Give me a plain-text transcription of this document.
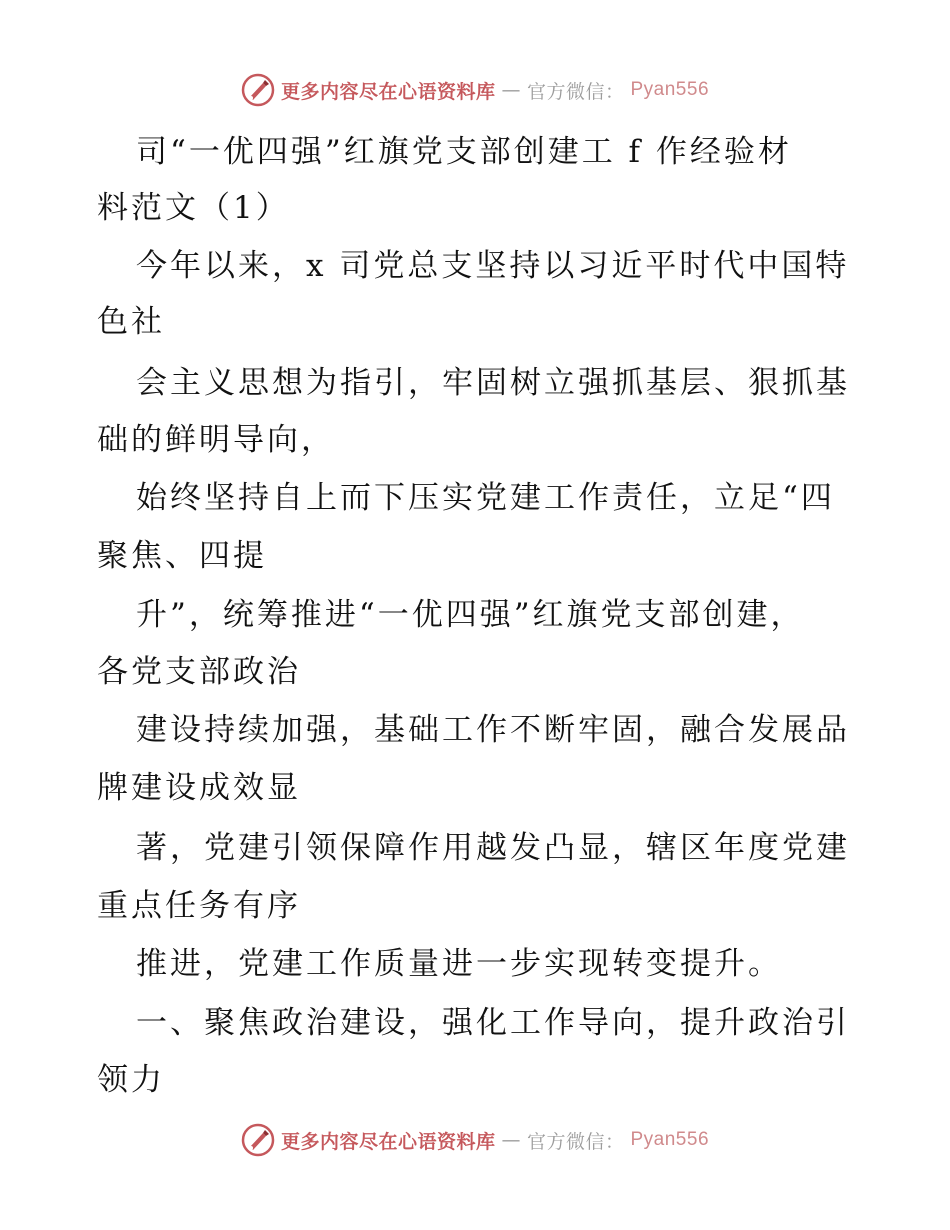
更多内容尽在心语资料库 — 官方微信： Pyan556
司“一优四强”红旗党支部创建工 f 作经验材
料范文（1）
今年以来，x 司党总支坚持以习近平时代中国特
色社
会主义思想为指引，牢固树立强抓基层、狠抓基
础的鲜明导向，
始终坚持自上而下压实党建工作责任，立足“四
聚焦、四提
升”，统筹推进“一优四强”红旗党支部创建，
各党支部政治
建设持续加强，基础工作不断牢固，融合发展品
牌建设成效显
著，党建引领保障作用越发凸显，辖区年度党建
重点任务有序
推进，党建工作质量进一步实现转变提升。
一、聚焦政治建设，强化工作导向，提升政治引
领力
更多内容尽在心语资料库 — 官方微信： Pyan556
